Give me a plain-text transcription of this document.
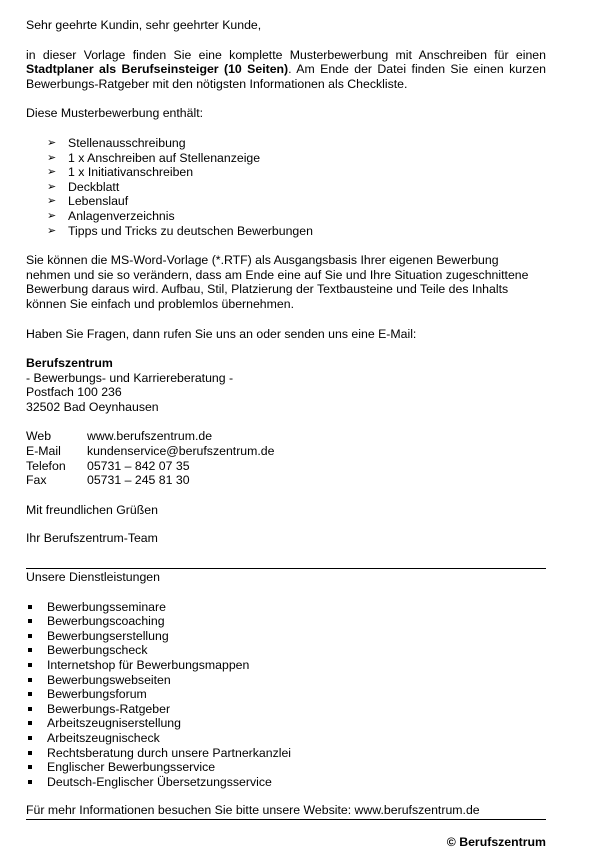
Sehr geehrte Kundin, sehr geehrter Kunde,

in dieser Vorlage finden Sie eine komplette Musterbewerbung mit Anschreiben für einen Stadtplaner als Berufseinsteiger (10 Seiten). Am Ende der Datei finden Sie einen kurzen Bewerbungs-Ratgeber mit den nötigsten Informationen als Checkliste.

Diese Musterbewerbung enthält:

➢ Stellenausschreibung
➢ 1 x Anschreiben auf Stellenanzeige
➢ 1 x Initiativanschreiben
➢ Deckblatt
➢ Lebenslauf
➢ Anlagenverzeichnis
➢ Tipps und Tricks zu deutschen Bewerbungen

Sie können die MS-Word-Vorlage (*.RTF) als Ausgangsbasis Ihrer eigenen Bewerbung nehmen und sie so verändern, dass am Ende eine auf Sie und Ihre Situation zugeschnittene Bewerbung daraus wird. Aufbau, Stil, Platzierung der Textbausteine und Teile des Inhalts können Sie einfach und problemlos übernehmen.

Haben Sie Fragen, dann rufen Sie uns an oder senden uns eine E-Mail:

Berufszentrum
- Bewerbungs- und Karriereberatung -
Postfach 100 236
32502 Bad Oeynhausen
Web	www.berufszentrum.de
E-Mail	kundenservice@berufszentrum.de
Telefon	05731 – 842 07 35
Fax	05731 – 245 81 30

Mit freundlichen Grüßen

Ihr Berufszentrum-Team

Unsere Dienstleistungen

Bewerbungsseminare
Bewerbungscoaching
Bewerbungserstellung
Bewerbungscheck
Internetshop für Bewerbungsmappen
Bewerbungswebseiten
Bewerbungsforum
Bewerbungs-Ratgeber
Arbeitszeugniserstellung
Arbeitszeugnischeck
Rechtsberatung durch unsere Partnerkanzlei
Englischer Bewerbungsservice
Deutsch-Englischer Übersetzungsservice

Für mehr Informationen besuchen Sie bitte unsere Website: www.berufszentrum.de

© Berufszentrum
